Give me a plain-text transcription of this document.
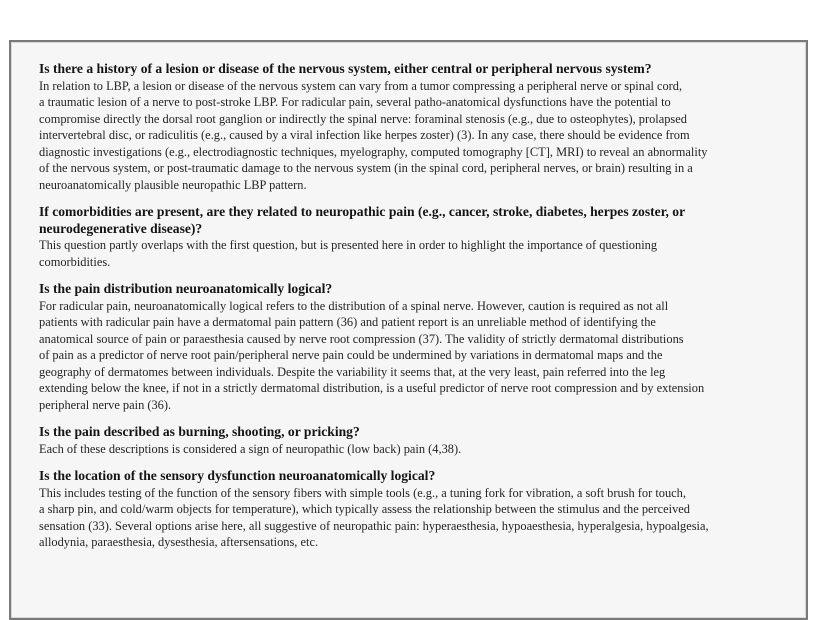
Is there a history of a lesion or disease of the nervous system, either central or peripheral nervous system?

In relation to LBP, a lesion or disease of the nervous system can vary from a tumor compressing a peripheral nerve or spinal cord,
a traumatic lesion of a nerve to post-stroke LBP. For radicular pain, several patho-anatomical dysfunctions have the potential to
compromise directly the dorsal root ganglion or indirectly the spinal nerve: foraminal stenosis (e.g., due to osteophytes), prolapsed
intervertebral disc, or radiculitis (e.g., caused by a viral infection like herpes zoster) (3). In any case, there should be evidence from
diagnostic investigations (e.g., electrodiagnostic techniques, myelography, computed tomography [CT], MRI) to reveal an abnormality
of the nervous system, or post-traumatic damage to the nervous system (in the spinal cord, peripheral nerves, or brain) resulting in a
neuroanatomically plausible neuropathic LBP pattern.

If comorbidities are present, are they related to neuropathic pain (e.g., cancer, stroke, diabetes, herpes zoster, or neurodegenerative disease)?

This question partly overlaps with the first question, but is presented here in order to highlight the importance of questioning
comorbidities.

Is the pain distribution neuroanatomically logical?

For radicular pain, neuroanatomically logical refers to the distribution of a spinal nerve. However, caution is required as not all
patients with radicular pain have a dermatomal pain pattern (36) and patient report is an unreliable method of identifying the
anatomical source of pain or paraesthesia caused by nerve root compression (37). The validity of strictly dermatomal distributions
of pain as a predictor of nerve root pain/peripheral nerve pain could be undermined by variations in dermatomal maps and the
geography of dermatomes between individuals. Despite the variability it seems that, at the very least, pain referred into the leg
extending below the knee, if not in a strictly dermatomal distribution, is a useful predictor of nerve root compression and by extension
peripheral nerve pain (36).

Is the pain described as burning, shooting, or pricking?

Each of these descriptions is considered a sign of neuropathic (low back) pain (4,38).

Is the location of the sensory dysfunction neuroanatomically logical?

This includes testing of the function of the sensory fibers with simple tools (e.g., a tuning fork for vibration, a soft brush for touch,
a sharp pin, and cold/warm objects for temperature), which typically assess the relationship between the stimulus and the perceived
sensation (33). Several options arise here, all suggestive of neuropathic pain: hyperaesthesia, hypoaesthesia, hyperalgesia, hypoalgesia,
allodynia, paraesthesia, dysesthesia, aftersensations, etc.
